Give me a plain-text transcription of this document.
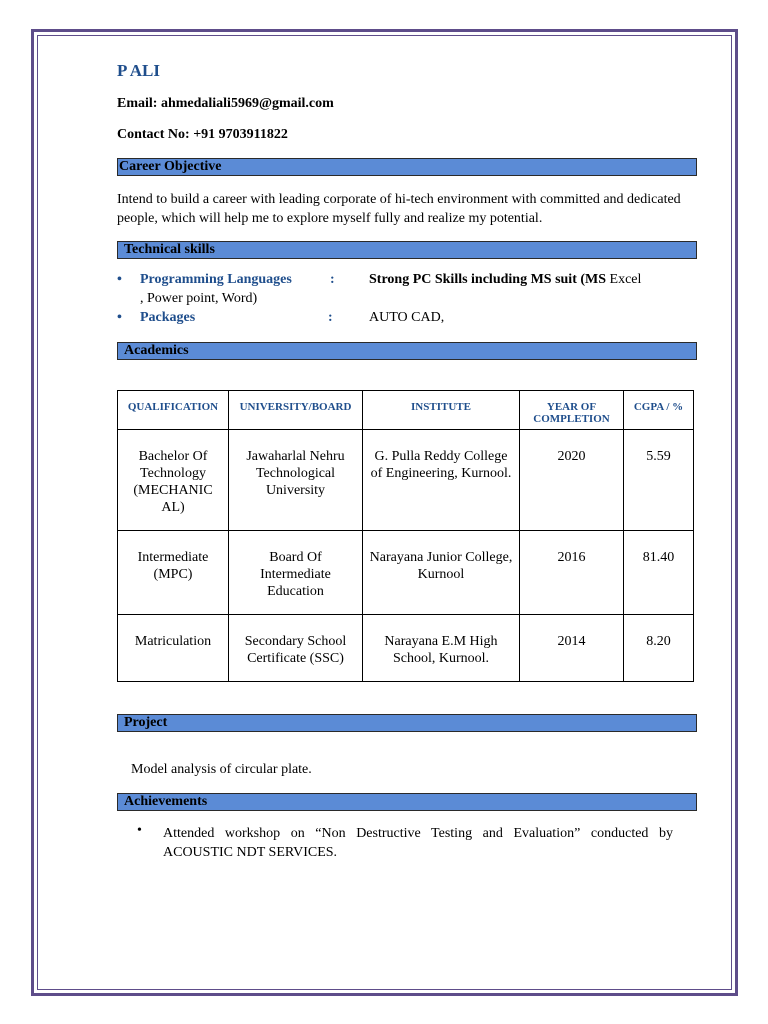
P ALI
Email: ahmedaliali5969@gmail.com
Contact No: +91 9703911822
Career Objective
Intend to build a career with leading corporate of hi-tech environment with committed and dedicated people, which will help me to explore myself fully and realize my potential.
Technical skills
• Programming Languages	: Strong PC Skills including MS suit (MS Excel
, Power point, Word)
• Packages	:	AUTO CAD,
Academics
QUALIFICATION	UNIVERSITY/BOARD	INSTITUTE	YEAR OF COMPLETION	CGPA / %
Bachelor Of Technology (MECHANIC AL)	Jawaharlal Nehru Technological University	G. Pulla Reddy College of Engineering, Kurnool.	2020	5.59
Intermediate (MPC)	Board Of Intermediate Education	Narayana Junior College, Kurnool	2016	81.40
Matriculation	Secondary School Certificate (SSC)	Narayana E.M High School, Kurnool.	2014	8.20
Project
Model analysis of circular plate.
Achievements
• Attended workshop on “Non Destructive Testing and Evaluation” conducted by ACOUSTIC NDT SERVICES.
